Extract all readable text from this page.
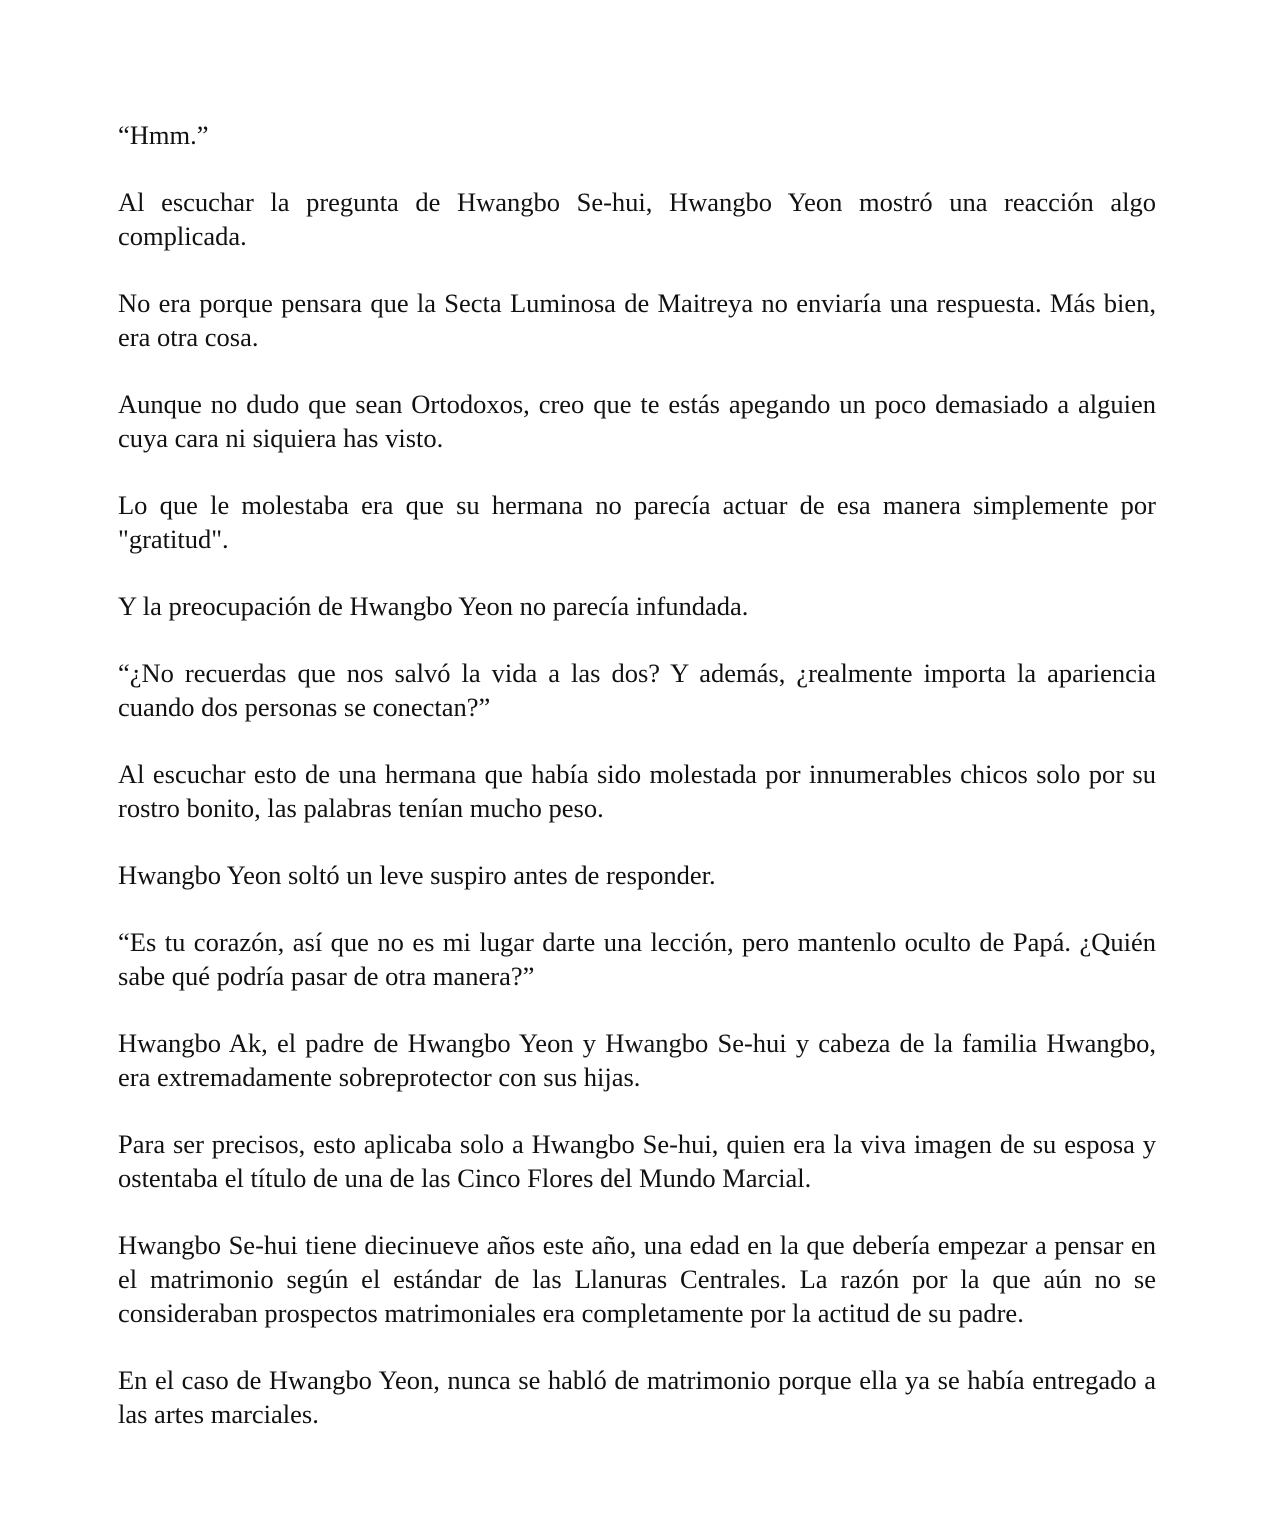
“Hmm.”

Al escuchar la pregunta de Hwangbo Se-hui, Hwangbo Yeon mostró una reacción algo complicada.

No era porque pensara que la Secta Luminosa de Maitreya no enviaría una respuesta. Más bien, era otra cosa.

Aunque no dudo que sean Ortodoxos, creo que te estás apegando un poco demasiado a alguien cuya cara ni siquiera has visto.

Lo que le molestaba era que su hermana no parecía actuar de esa manera simplemente por "gratitud".

Y la preocupación de Hwangbo Yeon no parecía infundada.

“¿No recuerdas que nos salvó la vida a las dos? Y además, ¿realmente importa la apariencia cuando dos personas se conectan?”

Al escuchar esto de una hermana que había sido molestada por innumerables chicos solo por su rostro bonito, las palabras tenían mucho peso.

Hwangbo Yeon soltó un leve suspiro antes de responder.

“Es tu corazón, así que no es mi lugar darte una lección, pero mantenlo oculto de Papá. ¿Quién sabe qué podría pasar de otra manera?”

Hwangbo Ak, el padre de Hwangbo Yeon y Hwangbo Se-hui y cabeza de la familia Hwangbo, era extremadamente sobreprotector con sus hijas.

Para ser precisos, esto aplicaba solo a Hwangbo Se-hui, quien era la viva imagen de su esposa y ostentaba el título de una de las Cinco Flores del Mundo Marcial.

Hwangbo Se-hui tiene diecinueve años este año, una edad en la que debería empezar a pensar en el matrimonio según el estándar de las Llanuras Centrales. La razón por la que aún no se consideraban prospectos matrimoniales era completamente por la actitud de su padre.

En el caso de Hwangbo Yeon, nunca se habló de matrimonio porque ella ya se había entregado a las artes marciales.
